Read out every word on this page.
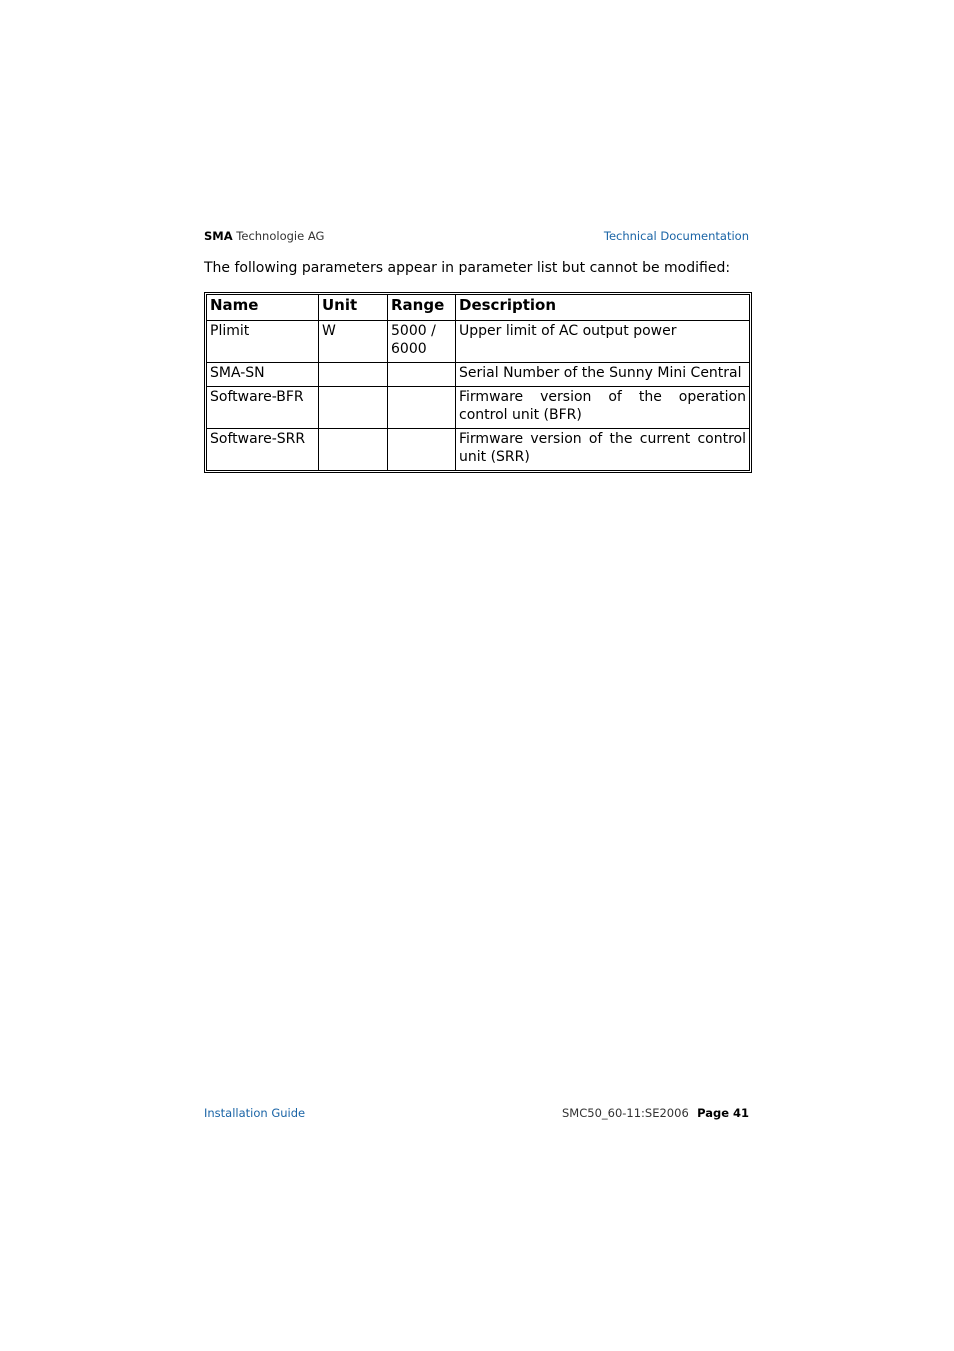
SMA Technologie AG	Technical Documentation
The following parameters appear in parameter list but cannot be modified:
Name	Unit	Range	Description
Plimit	W	5000 / 6000	Upper limit of AC output power
SMA-SN			Serial Number of the Sunny Mini Central
Software-BFR			Firmware version of the operation control unit (BFR)
Software-SRR			Firmware version of the current control unit (SRR)
Installation Guide	SMC50_60-11:SE2006 Page 41
